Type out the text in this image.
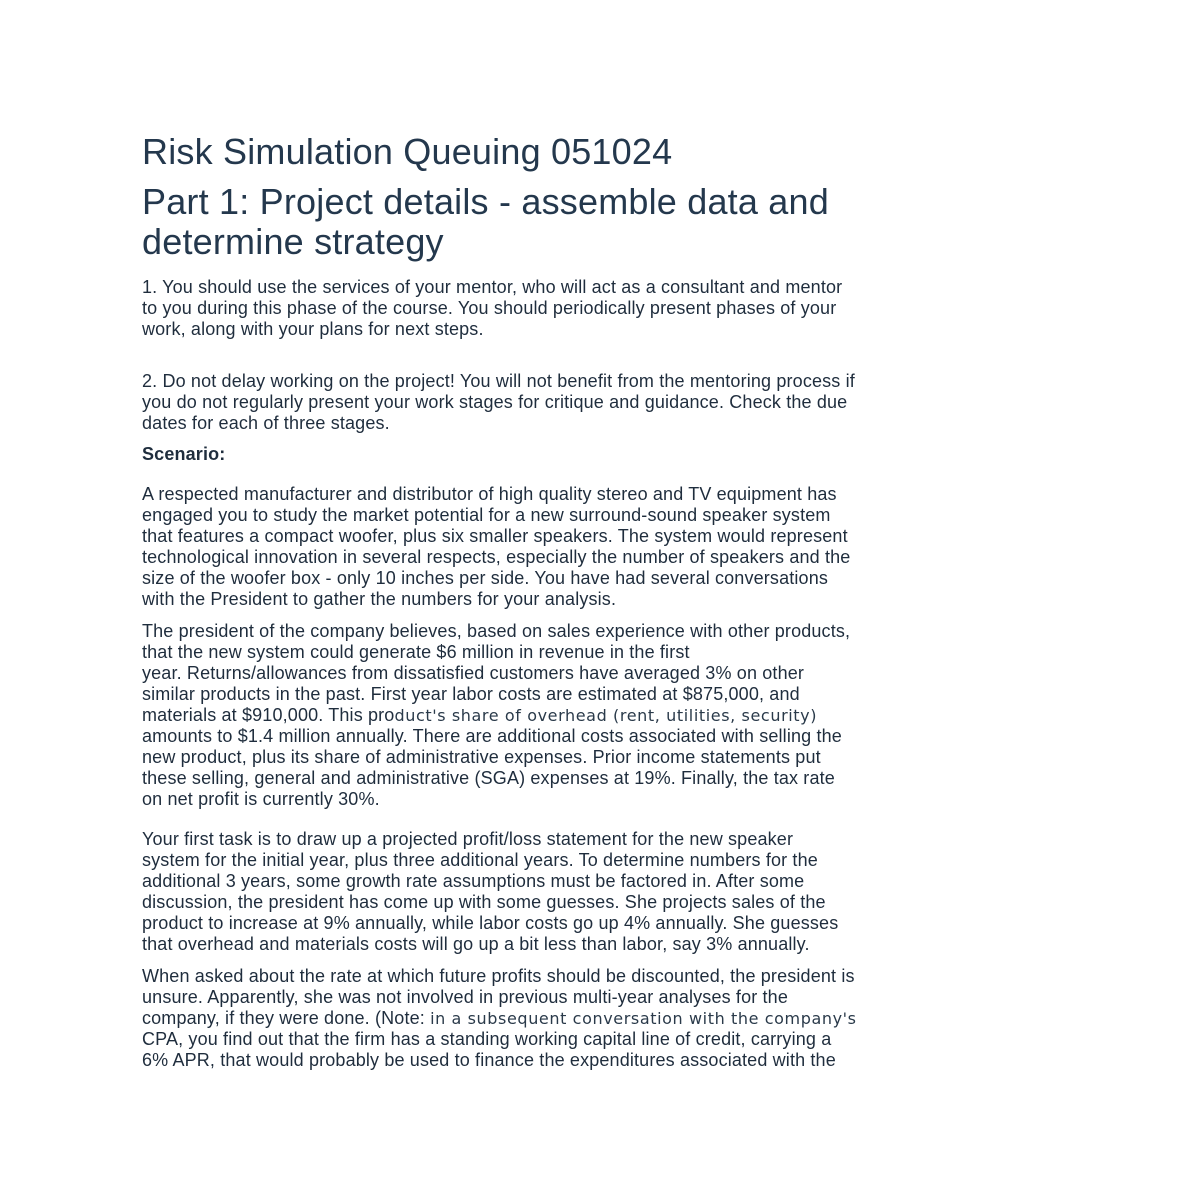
Risk Simulation Queuing 051024
Part 1: Project details - assemble data and
determine strategy

1. You should use the services of your mentor, who will act as a consultant and mentor
to you during this phase of the course. You should periodically present phases of your
work, along with your plans for next steps.

2. Do not delay working on the project! You will not benefit from the mentoring process if
you do not regularly present your work stages for critique and guidance. Check the due
dates for each of three stages.

Scenario:

A respected manufacturer and distributor of high quality stereo and TV equipment has
engaged you to study the market potential for a new surround-sound speaker system
that features a compact woofer, plus six smaller speakers. The system would represent
technological innovation in several respects, especially the number of speakers and the
size of the woofer box - only 10 inches per side. You have had several conversations
with the President to gather the numbers for your analysis.

The president of the company believes, based on sales experience with other products,
that the new system could generate $6 million in revenue in the first
year. Returns/allowances from dissatisfied customers have averaged 3% on other
similar products in the past. First year labor costs are estimated at $875,000, and
materials at $910,000. This product's share of overhead (rent, utilities, security)
amounts to $1.4 million annually. There are additional costs associated with selling the
new product, plus its share of administrative expenses. Prior income statements put
these selling, general and administrative (SGA) expenses at 19%. Finally, the tax rate
on net profit is currently 30%.

Your first task is to draw up a projected profit/loss statement for the new speaker
system for the initial year, plus three additional years. To determine numbers for the
additional 3 years, some growth rate assumptions must be factored in. After some
discussion, the president has come up with some guesses. She projects sales of the
product to increase at 9% annually, while labor costs go up 4% annually. She guesses
that overhead and materials costs will go up a bit less than labor, say 3% annually.

When asked about the rate at which future profits should be discounted, the president is
unsure. Apparently, she was not involved in previous multi-year analyses for the
company, if they were done. (Note: in a subsequent conversation with the company's
CPA, you find out that the firm has a standing working capital line of credit, carrying a
6% APR, that would probably be used to finance the expenditures associated with the
